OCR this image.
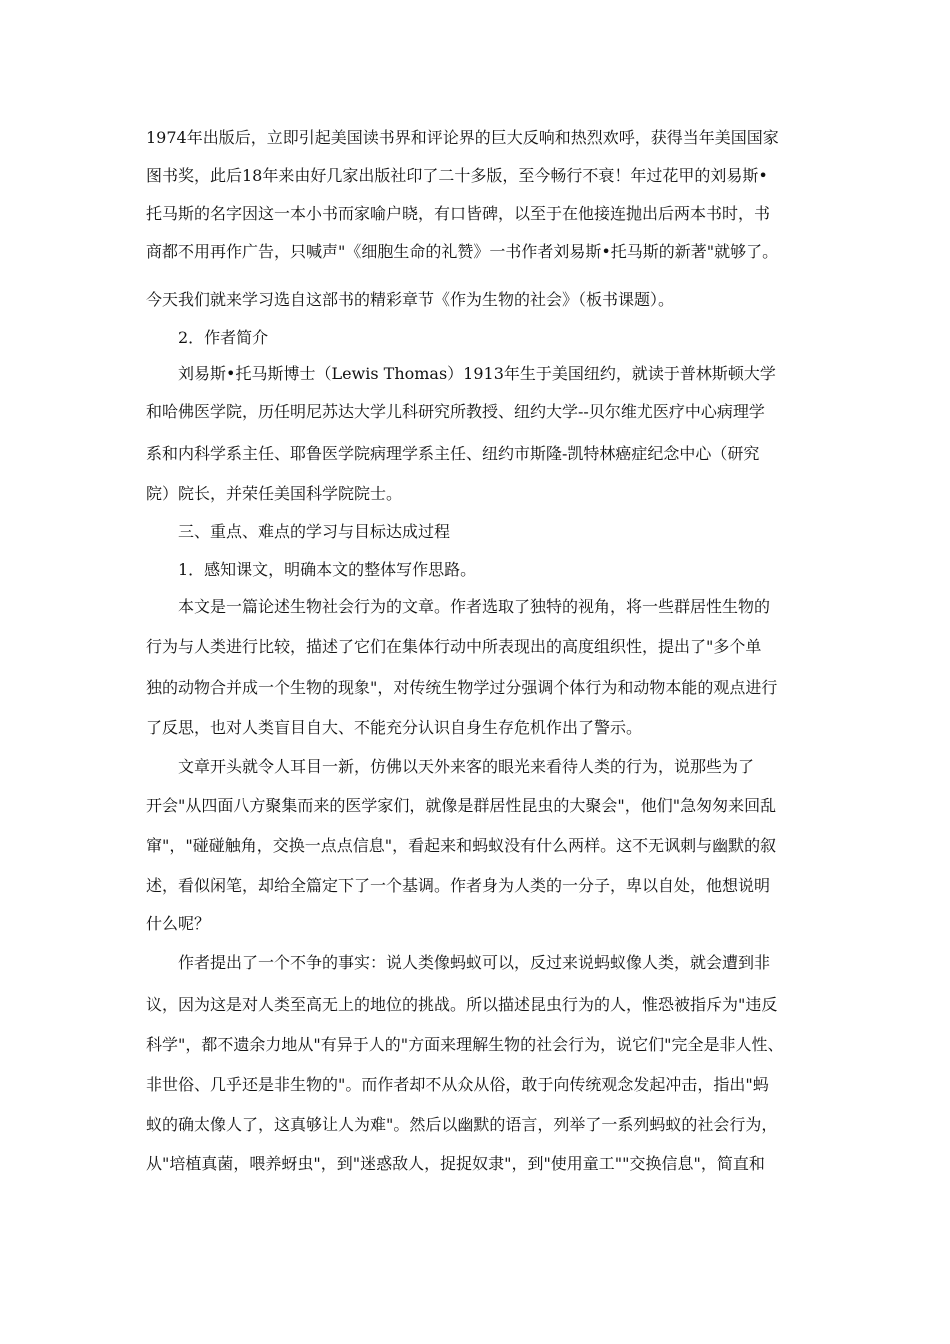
1974年出版后，立即引起美国读书界和评论界的巨大反响和热烈欢呼，获得当年美国国家
图书奖，此后18年来由好几家出版社印了二十多版，至今畅行不衰！年过花甲的刘易斯•
托马斯的名字因这一本小书而家喻户晓，有口皆碑，以至于在他接连抛出后两本书时，书
商都不用再作广告，只喊声"《细胞生命的礼赞》一书作者刘易斯•托马斯的新著"就够了。
今天我们就来学习选自这部书的精彩章节《作为生物的社会》（板书课题）。
2．作者简介
刘易斯•托马斯博士（Lewis Thomas）1913年生于美国纽约，就读于普林斯顿大学
和哈佛医学院，历任明尼苏达大学儿科研究所教授、纽约大学--贝尔维尤医疗中心病理学
系和内科学系主任、耶鲁医学院病理学系主任、纽约市斯隆-凯特林癌症纪念中心（研究
院）院长，并荣任美国科学院院士。
三、重点、难点的学习与目标达成过程
1．感知课文，明确本文的整体写作思路。
本文是一篇论述生物社会行为的文章。作者选取了独特的视角，将一些群居性生物的
行为与人类进行比较，描述了它们在集体行动中所表现出的高度组织性，提出了"多个单
独的动物合并成一个生物的现象"，对传统生物学过分强调个体行为和动物本能的观点进行
了反思，也对人类盲目自大、不能充分认识自身生存危机作出了警示。
文章开头就令人耳目一新，仿佛以天外来客的眼光来看待人类的行为，说那些为了
开会"从四面八方聚集而来的医学家们，就像是群居性昆虫的大聚会"，他们"急匆匆来回乱
窜"，"碰碰触角，交换一点点信息"，看起来和蚂蚁没有什么两样。这不无讽刺与幽默的叙
述，看似闲笔，却给全篇定下了一个基调。作者身为人类的一分子，卑以自处，他想说明
什么呢？
作者提出了一个不争的事实：说人类像蚂蚁可以，反过来说蚂蚁像人类，就会遭到非
议，因为这是对人类至高无上的地位的挑战。所以描述昆虫行为的人，惟恐被指斥为"违反
科学"，都不遗余力地从"有异于人的"方面来理解生物的社会行为，说它们"完全是非人性、
非世俗、几乎还是非生物的"。而作者却不从众从俗，敢于向传统观念发起冲击，指出"蚂
蚁的确太像人了，这真够让人为难"。然后以幽默的语言，列举了一系列蚂蚁的社会行为，
从"培植真菌，喂养蚜虫"，到"迷惑敌人，捉捉奴隶"，到"使用童工""交换信息"，简直和
